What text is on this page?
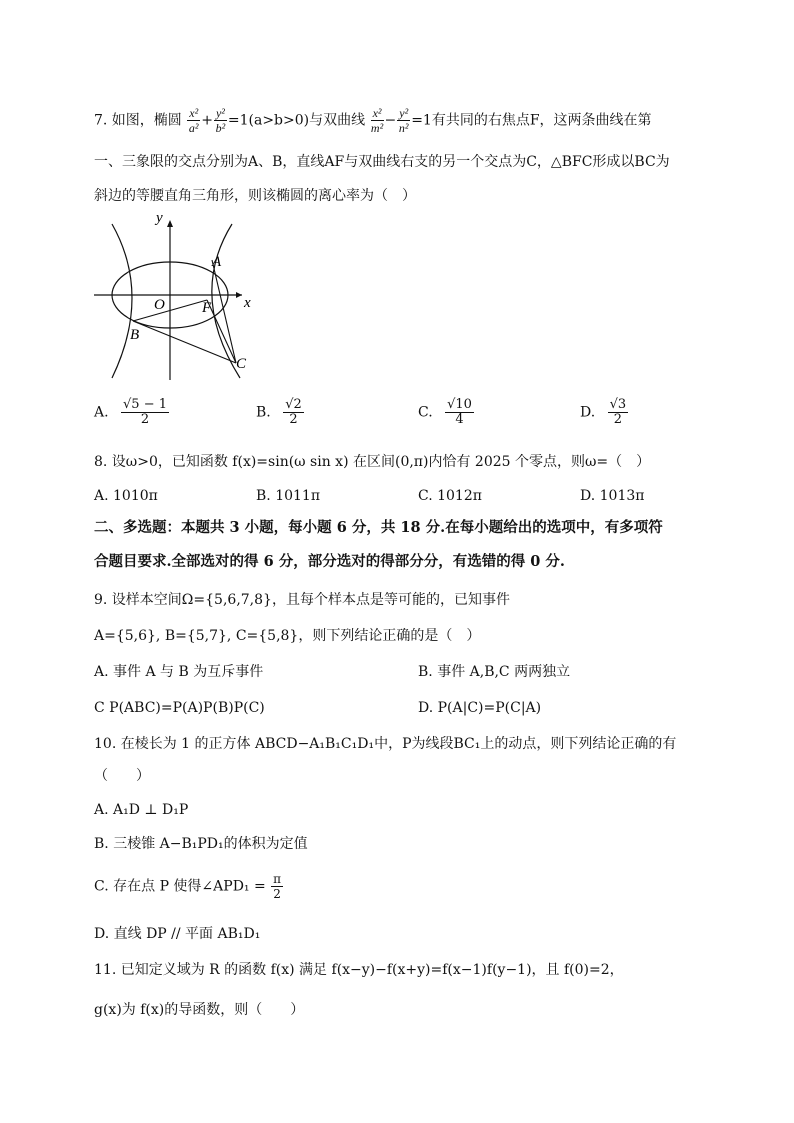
7. 如图，椭圆 $\frac{\text{x²}}{\text{a²}} + \frac{\text{y²}}{\text{b²}} =1(a>b>0)$与双曲线 $\frac{\text{x²}}{\text{m²}} - \frac{\text{y²}}{\text{n²}} =1$有共同的右焦点F，这两条曲线在第
一、三象限的交点分别为A、B，直线AF与双曲线右支的另一个交点为C，△BFC形成以BC为
斜边的等腰直角三角形，则该椭圆的离心率为（　）
y
x
O F
A
B
C
A. $\frac{√5 - 1}{2}$	B. $\frac{√2}{2}$	C. $\frac{√10}{4}$	D. $\frac{√3}{2}$
8. 设ω>0，已知函数 f(x)=sin(ω sin x) 在区间(0,π)内恰有 2025 个零点，则ω=（　）
A. 1010π	B. 1011π	C. 1012π	D. 1013π
二、多选题：本题共 3 小题，每小题 6 分，共 18 分.在每小题给出的选项中，有多项符
合题目要求.全部选对的得 6 分，部分选对的得部分分，有选错的得 0 分.
9. 设样本空间Ω={5,6,7,8}，且每个样本点是等可能的，已知事件
A={5,6}, B={5,7}, C={5,8}，则下列结论正确的是（　）
A. 事件 A 与 B 为互斥事件	B. 事件 A,B,C 两两独立
C P(ABC)=P(A)P(B)P(C)	D. P(A|C)=P(C|A)
10. 在棱长为 1 的正方体 ABCD−A₁B₁C₁D₁中，P为线段BC₁上的动点，则下列结论正确的有
（　　）
A. A₁D ⊥ D₁P
B. 三棱锥 A−B₁PD₁的体积为定值
C. 存在点 P 使得∠APD₁ = $\frac{\pi}{2}$
D. 直线 DP // 平面 AB₁D₁
11. 已知定义域为 R 的函数 f(x) 满足 f(x−y)−f(x+y)=f(x−1)f(y−1)，且 f(0)=2，
g(x)为 f(x)的导函数，则（　　）
